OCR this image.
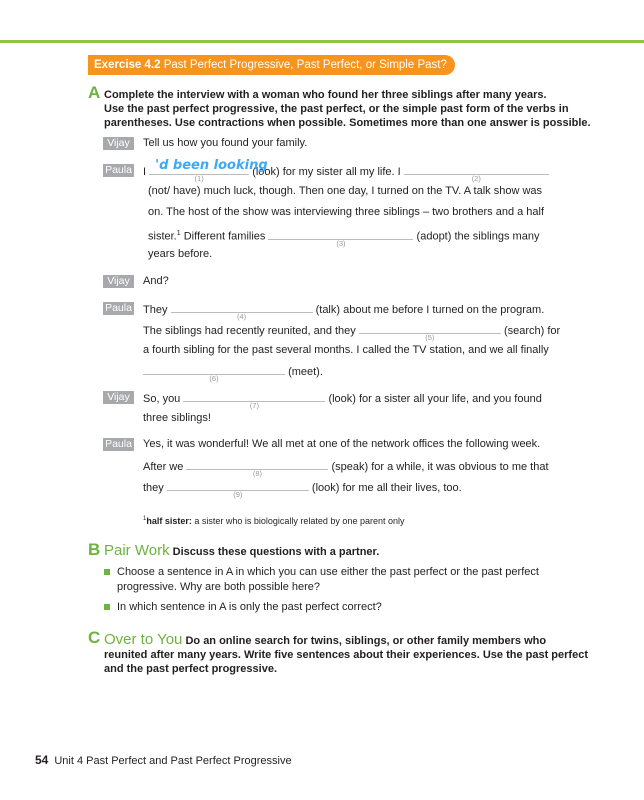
Exercise 4.2 Past Perfect Progressive, Past Perfect, or Simple Past?
A Complete the interview with a woman who found her three siblings after many years.
Use the past perfect progressive, the past perfect, or the simple past form of the verbs in
parentheses. Use contractions when possible. Sometimes more than one answer is possible.
Vijay	Tell us how you found your family.
Paula I 'd been looking
(1)
(look) for my sister all my life. I
(2)
(not/ have) much luck, though. Then one day, I turned on the TV. A talk show was
on. The host of the show was interviewing three siblings – two brothers and a half
sister.$^1$ Different families
(3)
(adopt) the siblings many
years before.
Vijay	And?
Paula They
(4)
(talk) about me before I turned on the program.
The siblings had recently reunited, and they
(5)
(search) for
a fourth sibling for the past several months. I called the TV station, and we all finally
(6)
(meet).
Vijay	So, you
(7)
(look) for a sister all your life, and you found
three siblings!
Paula Yes, it was wonderful! We all met at one of the network offices the following week.
After we
(8)
(speak) for a while, it was obvious to me that
they
(9)
(look) for me all their lives, too.
$^1$half sister: a sister who is biologically related by one parent only
B Pair Work Discuss these questions with a partner.
Choose a sentence in A in which you can use either the past perfect or the past perfect
progressive. Why are both possible here?
In which sentence in A is only the past perfect correct?
C Over to You Do an online search for twins, siblings, or other family members who
reunited after many years. Write five sentences about their experiences. Use the past perfect
and the past perfect progressive.
54 Unit 4 Past Perfect and Past Perfect Progressive
